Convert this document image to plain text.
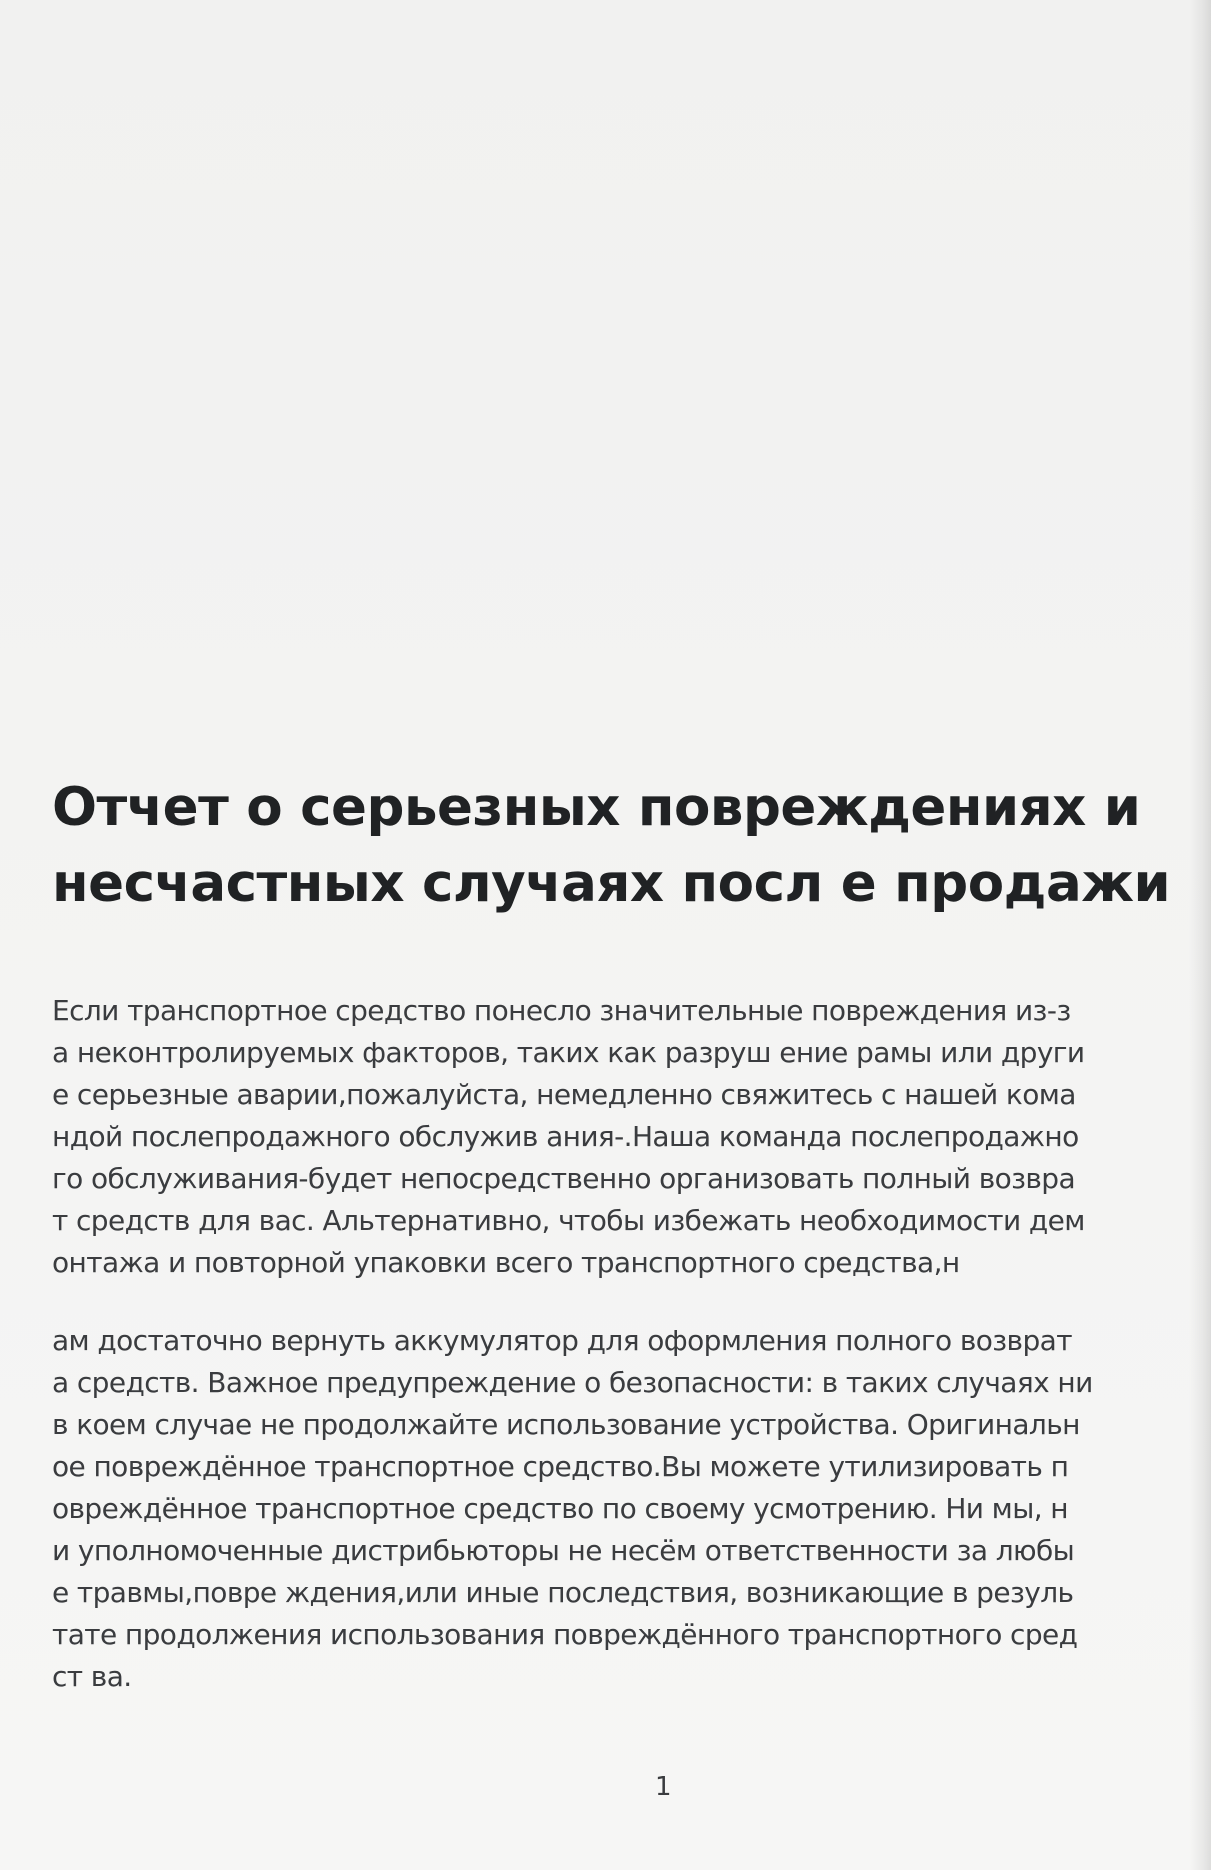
Отчет о серьезных повреждениях и
несчастных случаях посл е продажи
Если транспортное средство понесло значительные повреждения из-з
а неконтролируемых факторов, таких как разруш ение рамы или други
е серьезные аварии,пожалуйста, немедленно свяжитесь с нашей кома
ндой послепродажного обслужив ания-.Наша команда послепродажно
го обслуживания-будет непосредственно организовать полный возвра
т средств для вас. Альтернативно, чтобы избежать необходимости дем
онтажа и повторной упаковки всего транспортного средства,н
ам достаточно вернуть аккумулятор для оформления полного возврат
а средств. Важное предупреждение о безопасности: в таких случаях ни
в коем случае не продолжайте использование устройства. Оригинальн
ое повреждённое транспортное средство.Вы можете утилизировать п
овреждённое транспортное средство по своему усмотрению. Ни мы, н
и уполномоченные дистрибьюторы не несём ответственности за любы
е травмы,повре ждения,или иные последствия, возникающие в резуль
тате продолжения использования повреждённого транспортного сред
ст ва.
1
